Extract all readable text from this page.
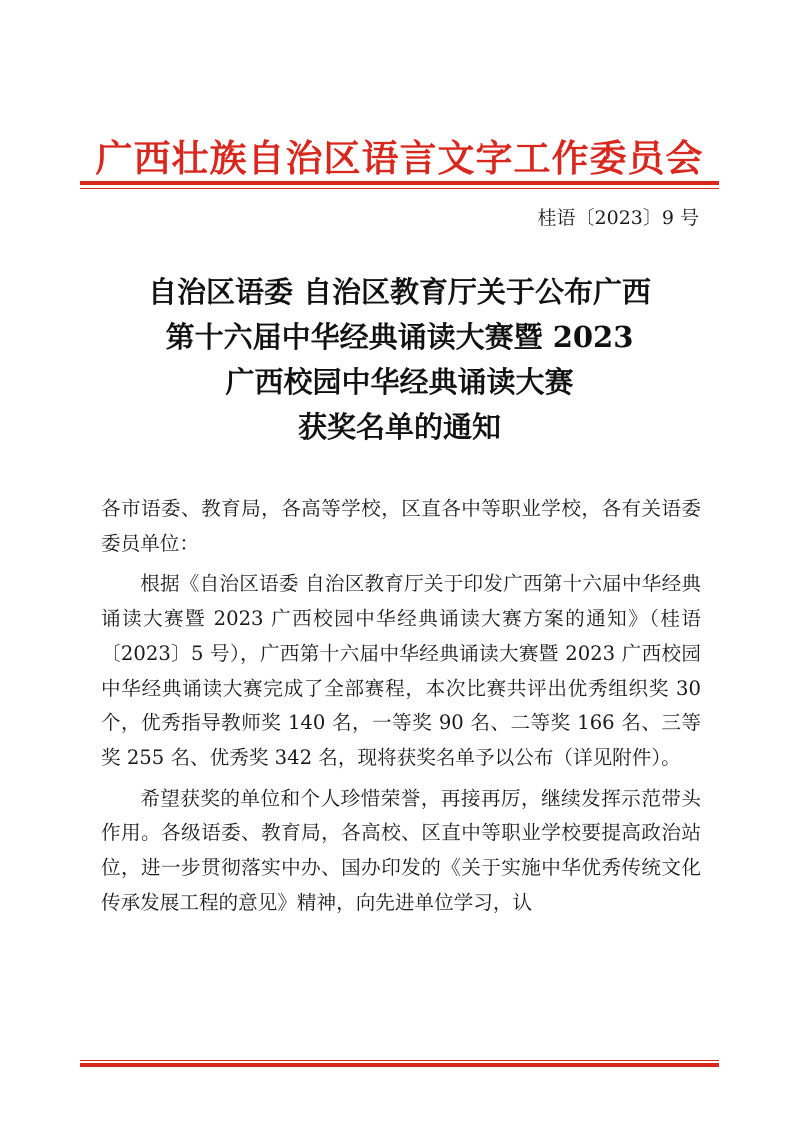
广西壮族自治区语言文字工作委员会
桂语〔2023〕9 号
自治区语委 自治区教育厅关于公布广西
第十六届中华经典诵读大赛暨 2023
广西校园中华经典诵读大赛
获奖名单的通知

各市语委、教育局，各高等学校，区直各中等职业学校，各有关语委委员单位：

根据《自治区语委 自治区教育厅关于印发广西第十六届中华经典诵读大赛暨 2023 广西校园中华经典诵读大赛方案的通知》（桂语〔2023〕5 号），广西第十六届中华经典诵读大赛暨 2023 广西校园中华经典诵读大赛完成了全部赛程，本次比赛共评出优秀组织奖 30 个，优秀指导教师奖 140 名，一等奖 90 名、二等奖 166 名、三等奖 255 名、优秀奖 342 名，现将获奖名单予以公布（详见附件）。

希望获奖的单位和个人珍惜荣誉，再接再厉，继续发挥示范带头作用。各级语委、教育局，各高校、区直中等职业学校要提高政治站位，进一步贯彻落实中办、国办印发的《关于实施中华优秀传统文化传承发展工程的意见》精神，向先进单位学习，认
